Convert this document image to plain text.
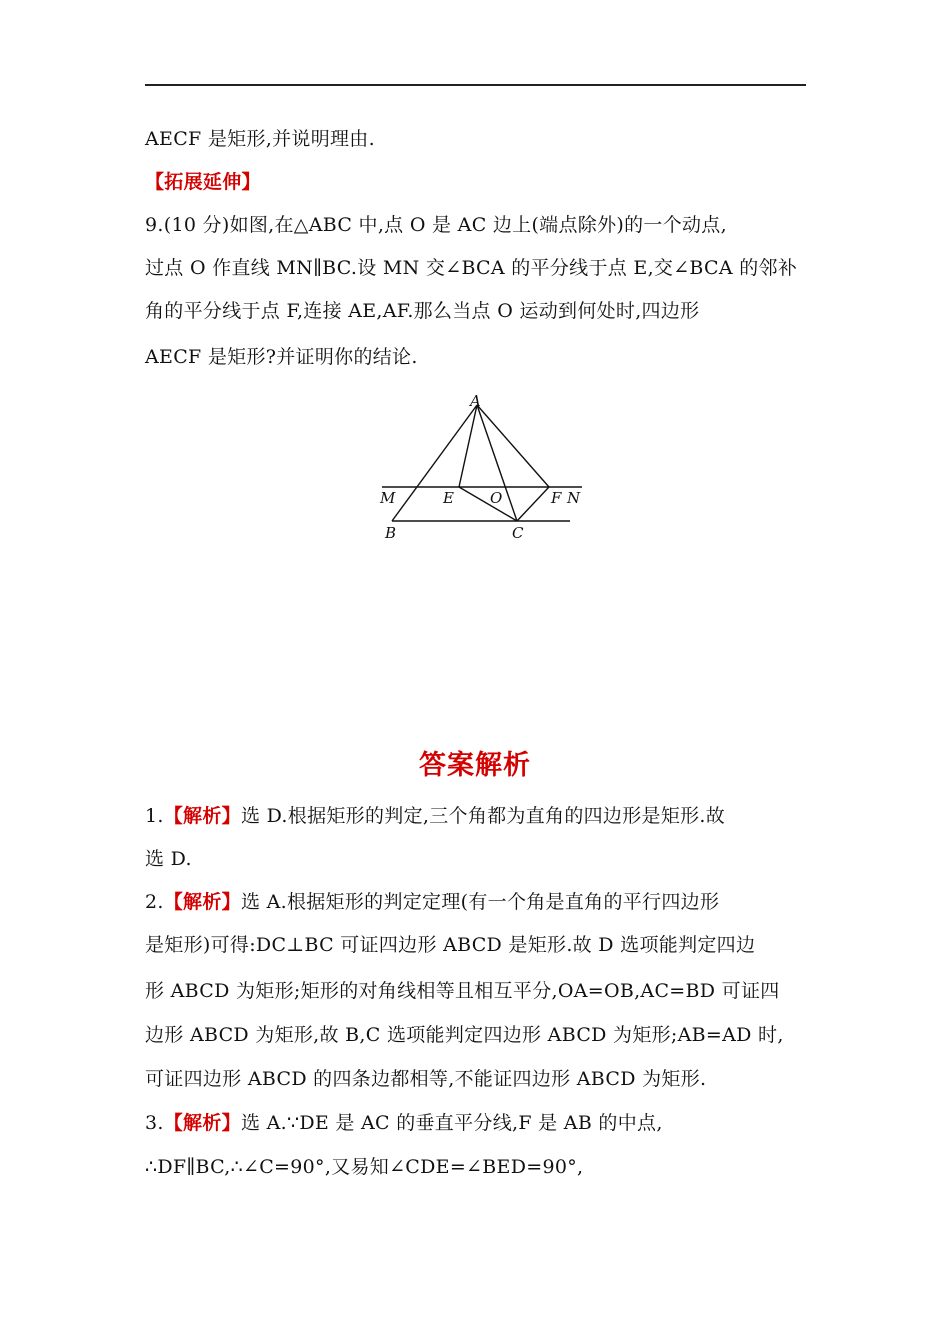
AECF 是矩形,并说明理由.
【拓展延伸】
9.(10 分)如图,在△ABC 中,点 O 是 AC 边上(端点除外)的一个动点,
过点 O 作直线 MN∥BC.设 MN 交∠BCA 的平分线于点 E,交∠BCA 的邻补
角的平分线于点 F,连接 AE,AF.那么当点 O 运动到何处时,四边形
AECF 是矩形?并证明你的结论.
A
M	E O	F N
B	C
答案解析
1.【解析】选 D.根据矩形的判定,三个角都为直角的四边形是矩形.故
选 D.
2.【解析】选 A.根据矩形的判定定理(有一个角是直角的平行四边形
是矩形)可得:DC⊥BC 可证四边形 ABCD 是矩形.故 D 选项能判定四边
形 ABCD 为矩形;矩形的对角线相等且相互平分,OA=OB,AC=BD 可证四
边形 ABCD 为矩形,故 B,C 选项能判定四边形 ABCD 为矩形;AB=AD 时,
可证四边形 ABCD 的四条边都相等,不能证四边形 ABCD 为矩形.
3.【解析】选 A.∵DE 是 AC 的垂直平分线,F 是 AB 的中点,
∴DF∥BC,∴∠C=90°,又易知∠CDE=∠BED=90°,
